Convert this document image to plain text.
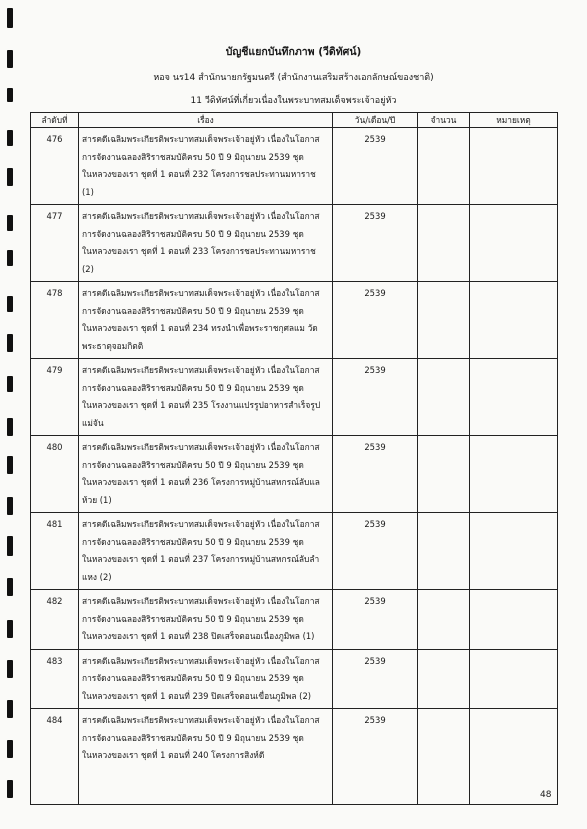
บัญชีแยกบันทึกภาพ (วีดิทัศน์)
หอจ นร14 สำนักนายกรัฐมนตรี (สำนักงานเสริมสร้างเอกลักษณ์ของชาติ)
11 วีดิทัศน์ที่เกี่ยวเนื่องในพระบาทสมเด็จพระเจ้าอยู่หัว
ลำดับที่	เรื่อง	วัน/เดือน/ปี	จำนวน	หมายเหตุ
476	สารคดีเฉลิมพระเกียรติพระบาทสมเด็จพระเจ้าอยู่หัว เนื่องในโอกาสการจัดงานฉลองสิริราชสมบัติครบ 50 ปี 9 มิถุนายน 2539 ชุด ในหลวงของเรา ชุดที่ 1 ตอนที่ 232 โครงการชลประทานมหาราช (1)	2539		
477	สารคดีเฉลิมพระเกียรติพระบาทสมเด็จพระเจ้าอยู่หัว เนื่องในโอกาสการจัดงานฉลองสิริราชสมบัติครบ 50 ปี 9 มิถุนายน 2539 ชุด ในหลวงของเรา ชุดที่ 1 ตอนที่ 233 โครงการชลประทานมหาราช (2)	2539		
478	สารคดีเฉลิมพระเกียรติพระบาทสมเด็จพระเจ้าอยู่หัว เนื่องในโอกาสการจัดงานฉลองสิริราชสมบัติครบ 50 ปี 9 มิถุนายน 2539 ชุด ในหลวงของเรา ชุดที่ 1 ตอนที่ 234 ทรงนำเพื่อพระราชกุศลแม วัดพระธาตุจอมกิตติ	2539		
479	สารคดีเฉลิมพระเกียรติพระบาทสมเด็จพระเจ้าอยู่หัว เนื่องในโอกาสการจัดงานฉลองสิริราชสมบัติครบ 50 ปี 9 มิถุนายน 2539 ชุด ในหลวงของเรา ชุดที่ 1 ตอนที่ 235 โรงงานแปรรูปอาหารสำเร็จรูปแม่จัน	2539		
480	สารคดีเฉลิมพระเกียรติพระบาทสมเด็จพระเจ้าอยู่หัว เนื่องในโอกาสการจัดงานฉลองสิริราชสมบัติครบ 50 ปี 9 มิถุนายน 2539 ชุด ในหลวงของเรา ชุดที่ 1 ตอนที่ 236 โครงการหมู่บ้านสหกรณ์ลับแลห้วย (1)	2539		
481	สารคดีเฉลิมพระเกียรติพระบาทสมเด็จพระเจ้าอยู่หัว เนื่องในโอกาสการจัดงานฉลองสิริราชสมบัติครบ 50 ปี 9 มิถุนายน 2539 ชุด ในหลวงของเรา ชุดที่ 1 ตอนที่ 237 โครงการหมู่บ้านสหกรณ์ลับลำแหง (2)	2539		
482	สารคดีเฉลิมพระเกียรติพระบาทสมเด็จพระเจ้าอยู่หัว เนื่องในโอกาสการจัดงานฉลองสิริราชสมบัติครบ 50 ปี 9 มิถุนายน 2539 ชุด ในหลวงของเรา ชุดที่ 1 ตอนที่ 238 ปิดเสร็จตอนอเนื่องภูมิพล (1)	2539		
483	สารคดีเฉลิมพระเกียรติพระบาทสมเด็จพระเจ้าอยู่หัว เนื่องในโอกาสการจัดงานฉลองสิริราชสมบัติครบ 50 ปี 9 มิถุนายน 2539 ชุด ในหลวงของเรา ชุดที่ 1 ตอนที่ 239 ปิดเสร็จตอนเขื่อนภูมิพล (2)	2539		
484	สารคดีเฉลิมพระเกียรติพระบาทสมเด็จพระเจ้าอยู่หัว เนื่องในโอกาสการจัดงานฉลองสิริราชสมบัติครบ 50 ปี 9 มิถุนายน 2539 ชุด ในหลวงของเรา ชุดที่ 1 ตอนที่ 240 โครงการสิงห์ดี	2539		
48
